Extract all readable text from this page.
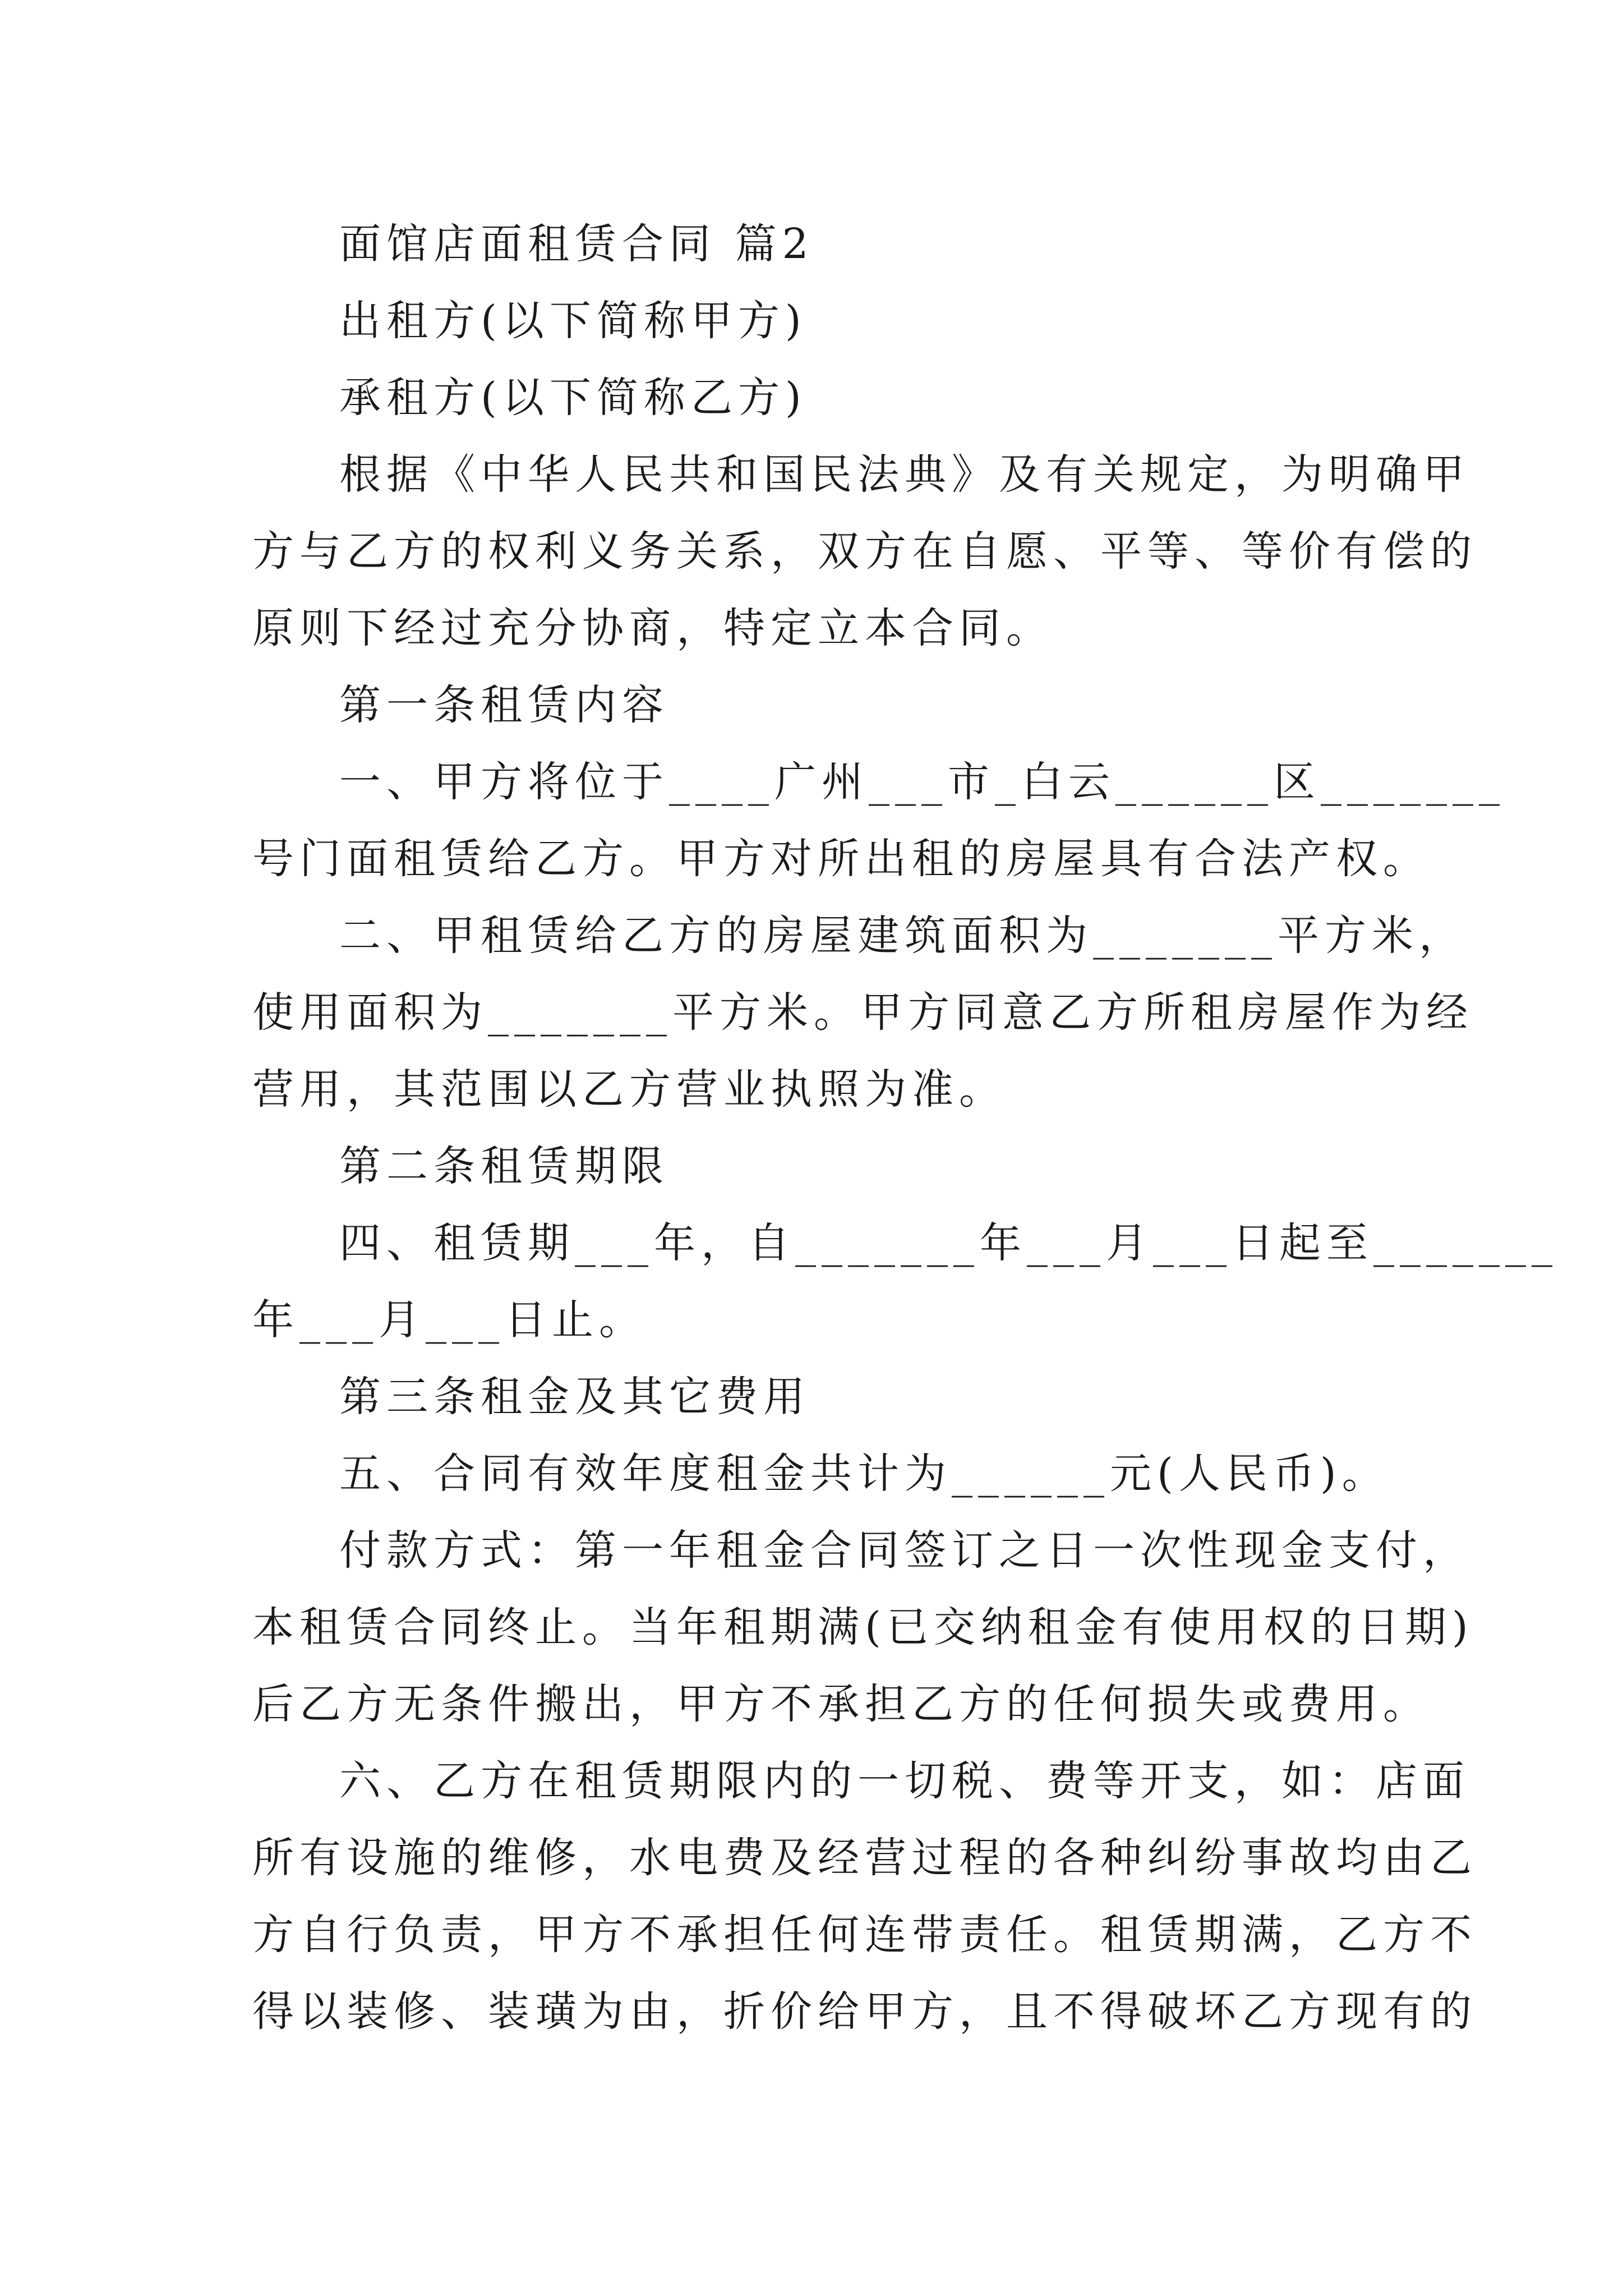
面馆店面租赁合同 篇2
出租方(以下简称甲方)
承租方(以下简称乙方)
根据《中华人民共和国民法典》及有关规定，为明确甲
方与乙方的权利义务关系，双方在自愿、平等、等价有偿的
原则下经过充分协商，特定立本合同。
第一条租赁内容
一、甲方将位于____广州___市_白云______区_______
号门面租赁给乙方。甲方对所出租的房屋具有合法产权。
二、甲租赁给乙方的房屋建筑面积为_______平方米，
使用面积为_______平方米。甲方同意乙方所租房屋作为经
营用，其范围以乙方营业执照为准。
第二条租赁期限
四、租赁期___年，自_______年___月___日起至_______
年___月___日止。
第三条租金及其它费用
五、合同有效年度租金共计为______元(人民币)。
付款方式：第一年租金合同签订之日一次性现金支付，
本租赁合同终止。当年租期满(已交纳租金有使用权的日期)
后乙方无条件搬出，甲方不承担乙方的任何损失或费用。
六、乙方在租赁期限内的一切税、费等开支，如：店面
所有设施的维修，水电费及经营过程的各种纠纷事故均由乙
方自行负责，甲方不承担任何连带责任。租赁期满，乙方不
得以装修、装璜为由，折价给甲方，且不得破坏乙方现有的
